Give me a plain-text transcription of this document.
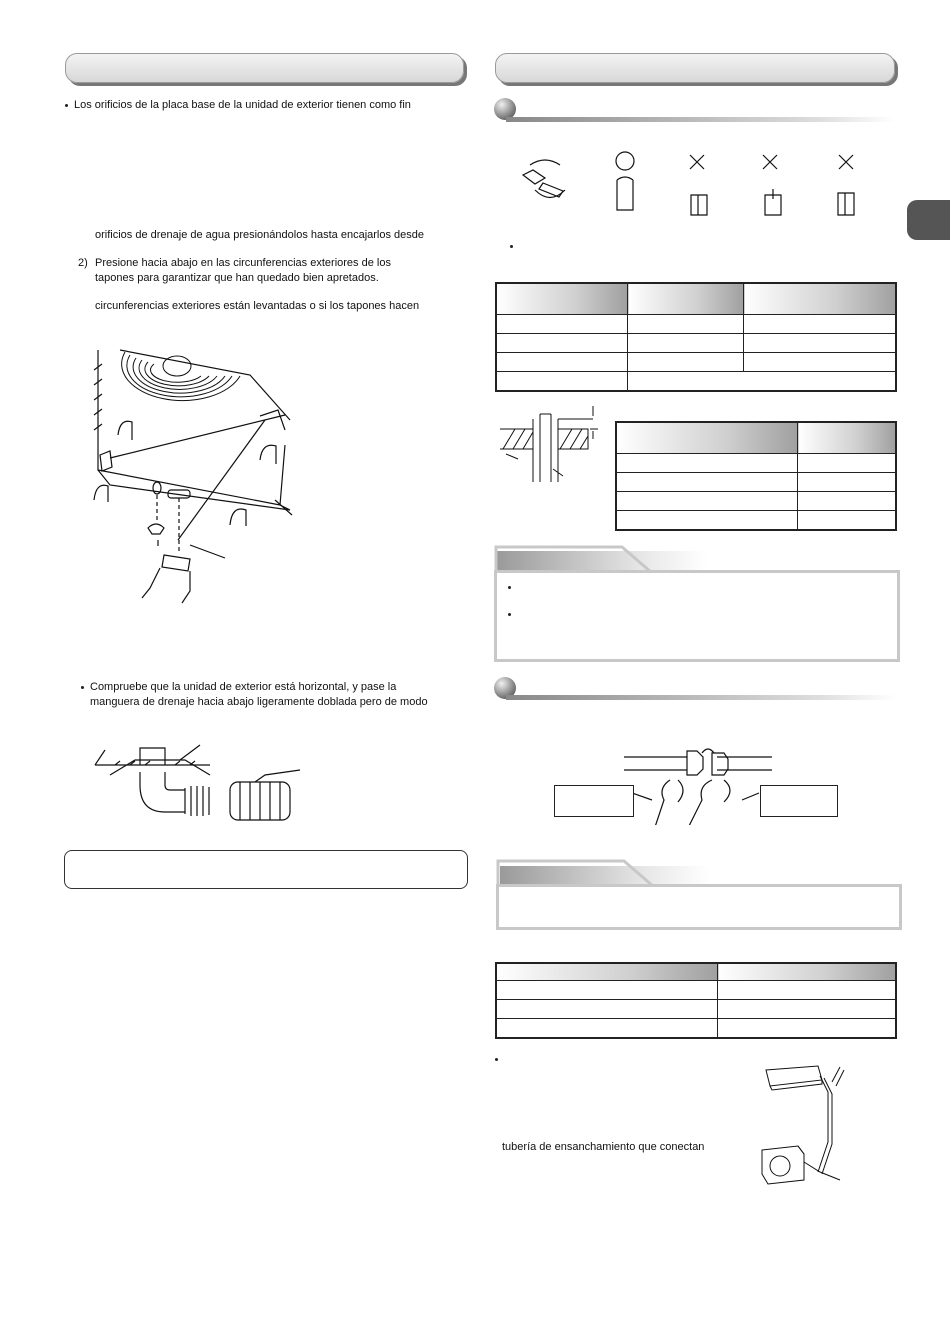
Los orificios de la placa base de la unidad de exterior tienen como fin
orificios de drenaje de agua presionándolos hasta encajarlos desde
2) Presione hacia abajo en las circunferencias exteriores de los
tapones para garantizar que han quedado bien apretados.
circunferencias exteriores están levantadas o si los tapones hacen
Compruebe que la unidad de exterior está horizontal, y pase la
manguera de drenaje hacia abajo ligeramente doblada pero de modo

tubería de ensanchamiento que conectan
